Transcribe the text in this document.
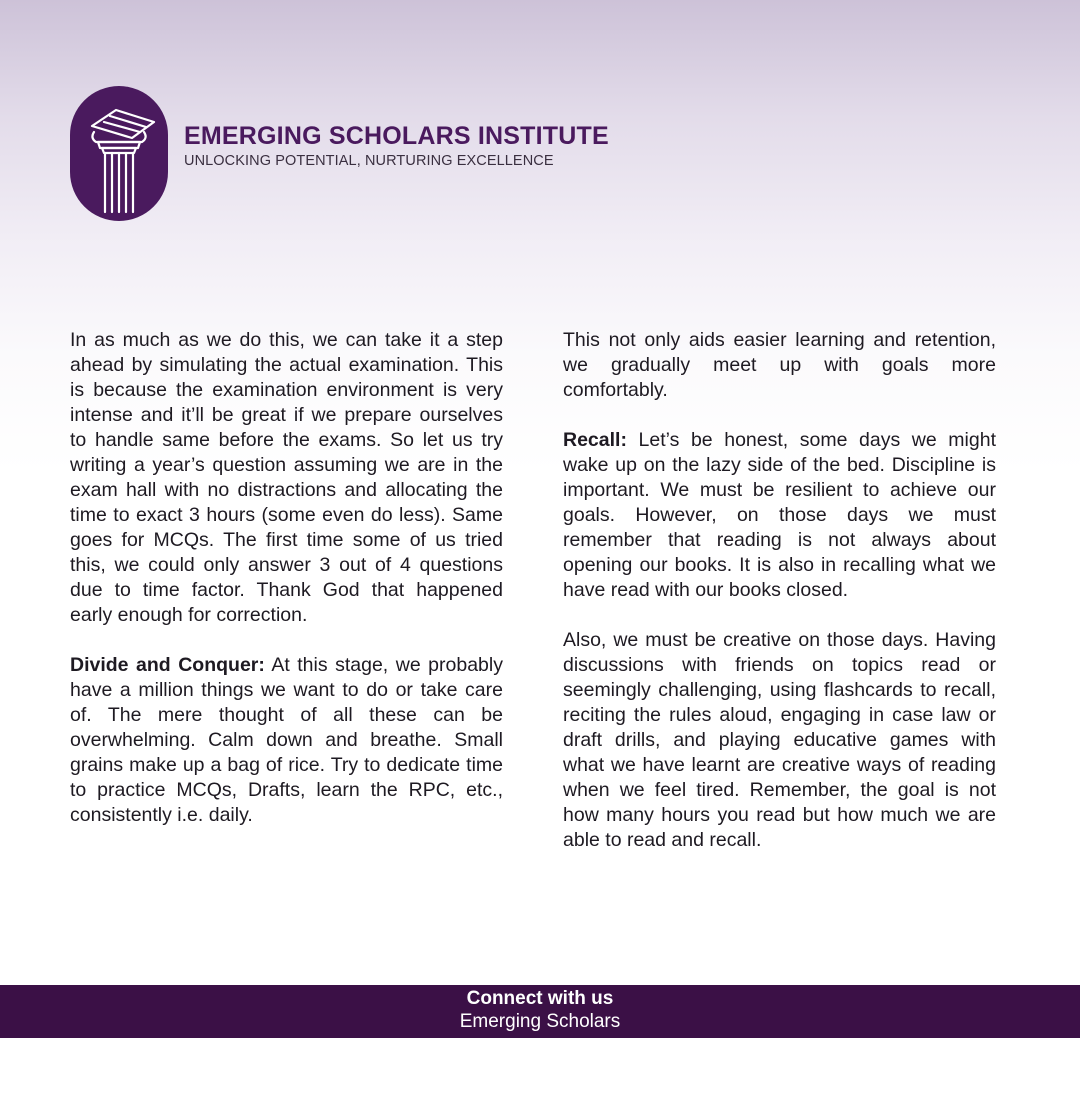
EMERGING SCHOLARS INSTITUTE
UNLOCKING POTENTIAL, NURTURING EXCELLENCE

In as much as we do this, we can take it a step ahead by simulating the actual examination. This is because the examination environment is very intense and it’ll be great if we prepare ourselves to handle same before the exams. So let us try writing a year’s question assuming we are in the exam hall with no distractions and allocating the time to exact 3 hours (some even do less). Same goes for MCQs. The first time some of us tried this, we could only answer 3 out of 4 questions due to time factor. Thank God that happened early enough for correction.

Divide and Conquer: At this stage, we probably have a million things we want to do or take care of. The mere thought of all these can be overwhelming. Calm down and breathe. Small grains make up a bag of rice. Try to dedicate time to practice MCQs, Drafts, learn the RPC, etc., consistently i.e. daily.

This not only aids easier learning and retention, we gradually meet up with goals more comfortably.

Recall: Let’s be honest, some days we might wake up on the lazy side of the bed. Discipline is important. We must be resilient to achieve our goals. However, on those days we must remember that reading is not always about opening our books. It is also in recalling what we have read with our books closed.

Also, we must be creative on those days. Having discussions with friends on topics read or seemingly challenging, using flashcards to recall, reciting the rules aloud, engaging in case law or draft drills, and playing educative games with what we have learnt are creative ways of reading when we feel tired. Remember, the goal is not how many hours you read but how much we are able to read and recall.

Connect with us
Emerging Scholars
